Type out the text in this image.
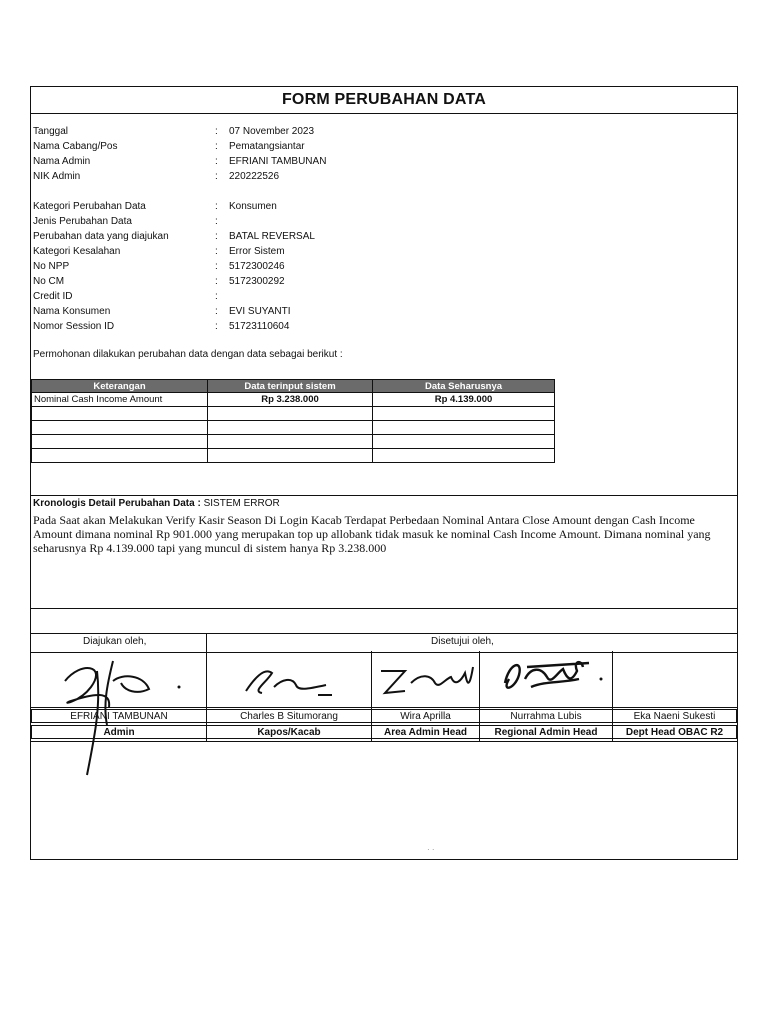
FORM PERUBAHAN DATA
Tanggal	: 07 November 2023
Nama Cabang/Pos	: Pematangsiantar
Nama Admin	: EFRIANI TAMBUNAN
NIK Admin	: 220222526
Kategori Perubahan Data	: Konsumen
Jenis Perubahan Data	:
Perubahan data yang diajukan	: BATAL REVERSAL
Kategori Kesalahan	: Error Sistem
No NPP	: 5172300246
No CM	: 5172300292
Credit ID	:
Nama Konsumen	: EVI SUYANTI
Nomor Session ID	: 51723110604
Permohonan dilakukan perubahan data dengan data sebagai berikut :
Keterangan	Data terinput sistem	Data Seharusnya
Nominal Cash Income Amount	Rp 3.238.000	Rp 4.139.000

Kronologis Detail Perubahan Data : SISTEM ERROR
Pada Saat akan Melakukan Verify Kasir Season Di Login Kacab Terdapat Perbedaan Nominal Antara Close Amount dengan Cash Income Amount dimana nominal Rp 901.000 yang merupakan top up allobank tidak masuk ke nominal Cash Income Amount. Dimana nominal yang seharusnya Rp 4.139.000 tapi yang muncul di sistem hanya Rp 3.238.000
Diajukan oleh,	Disetujui oleh,
EFRIANI TAMBUNAN	Charles B Situmorang	Wira Aprilla	Nurrahma Lubis	Eka Naeni Sukesti
Admin	Kapos/Kacab	Area Admin Head	Regional Admin Head	Dept Head OBAC R2
· ·
